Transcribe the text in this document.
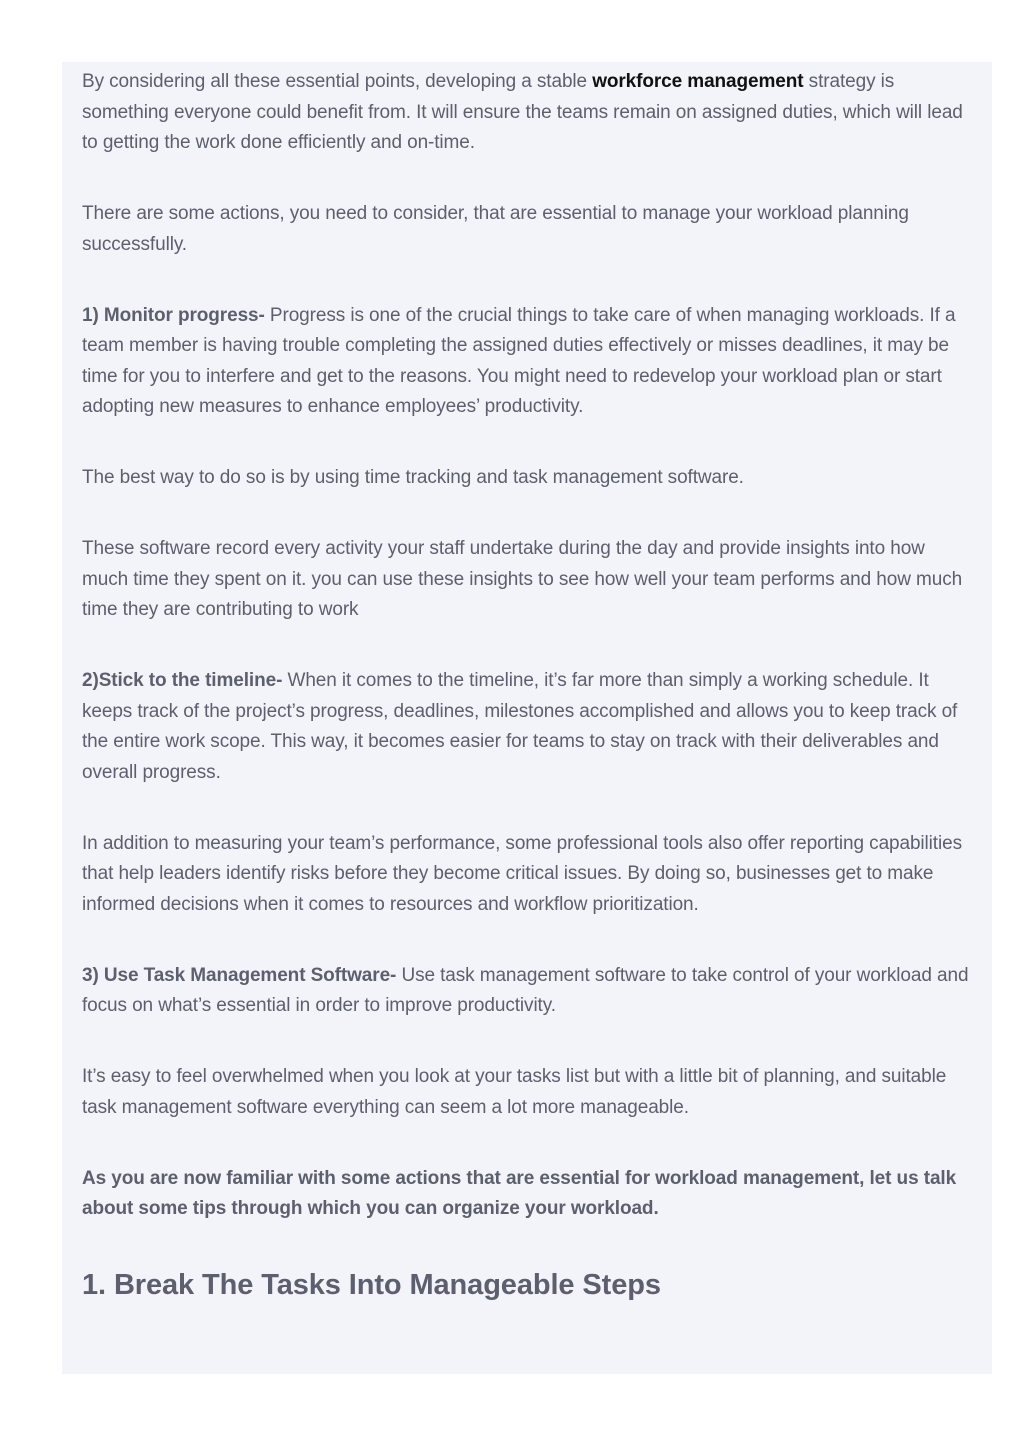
By considering all these essential points, developing a stable workforce management strategy is something everyone could benefit from. It will ensure the teams remain on assigned duties, which will lead to getting the work done efficiently and on-time.

There are some actions, you need to consider, that are essential to manage your workload planning successfully.

1) Monitor progress- Progress is one of the crucial things to take care of when managing workloads. If a team member is having trouble completing the assigned duties effectively or misses deadlines, it may be time for you to interfere and get to the reasons. You might need to redevelop your workload plan or start adopting new measures to enhance employees’ productivity.

The best way to do so is by using time tracking and task management software.

These software record every activity your staff undertake during the day and provide insights into how much time they spent on it. you can use these insights to see how well your team performs and how much time they are contributing to work

2)Stick to the timeline- When it comes to the timeline, it’s far more than simply a working schedule. It keeps track of the project’s progress, deadlines, milestones accomplished and allows you to keep track of the entire work scope. This way, it becomes easier for teams to stay on track with their deliverables and overall progress.

In addition to measuring your team’s performance, some professional tools also offer reporting capabilities that help leaders identify risks before they become critical issues. By doing so, businesses get to make informed decisions when it comes to resources and workflow prioritization.

3) Use Task Management Software- Use task management software to take control of your workload and focus on what’s essential in order to improve productivity.

It’s easy to feel overwhelmed when you look at your tasks list but with a little bit of planning, and suitable task management software everything can seem a lot more manageable.

As you are now familiar with some actions that are essential for workload management, let us talk about some tips through which you can organize your workload.

1. Break The Tasks Into Manageable Steps
